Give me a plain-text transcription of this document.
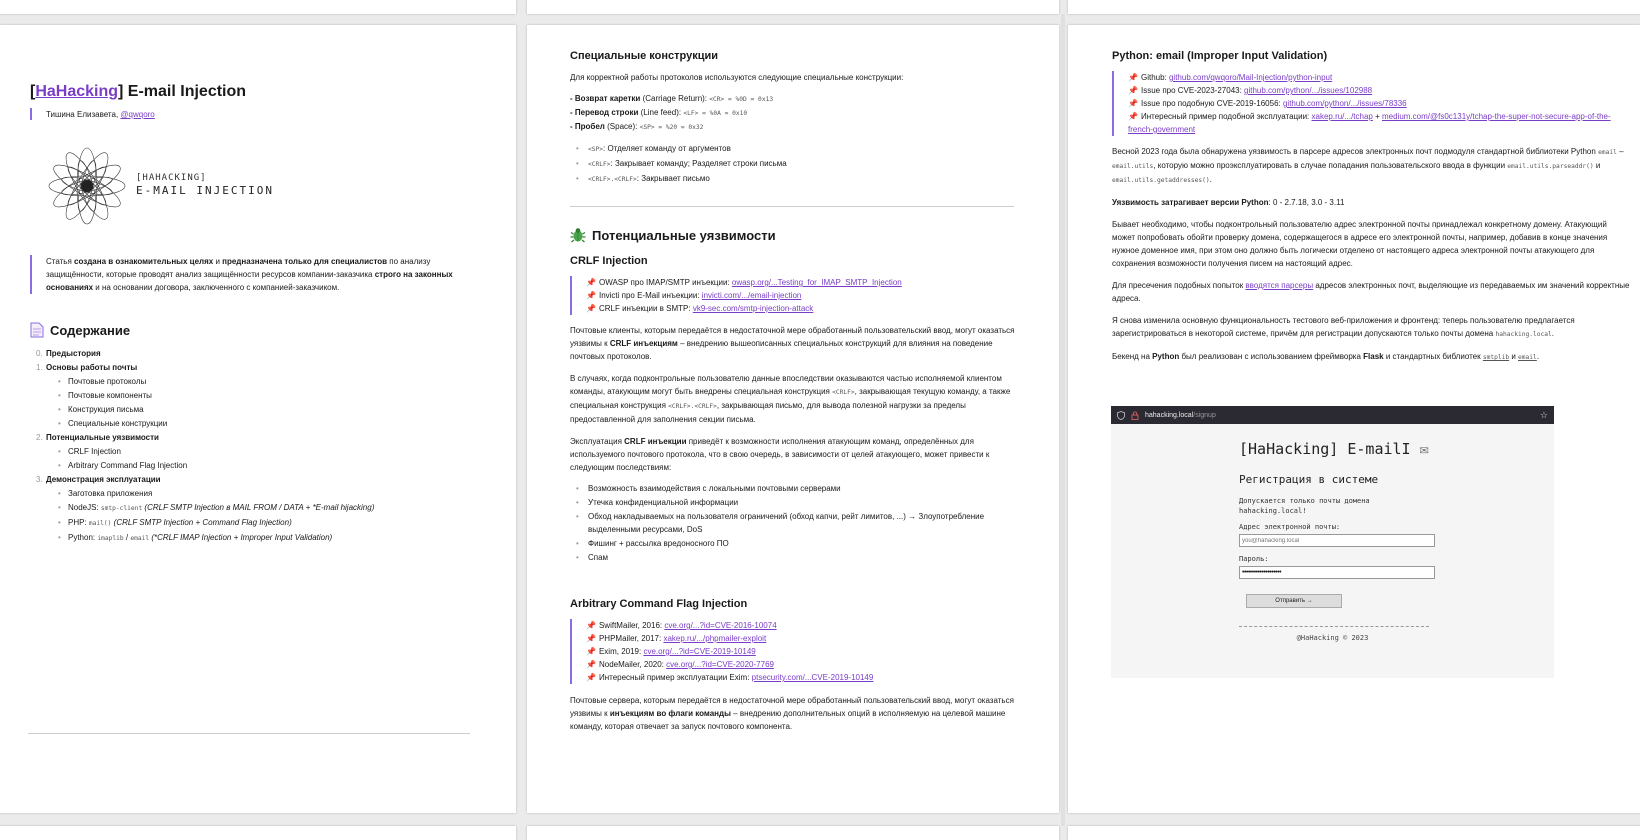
[HaHacking] E-mail Injection

Тишина Елизавета, @qwqoro

[HAHACKING]
E-MAIL INJECTION

Статья создана в ознакомительных целях и предназначена только для специалистов по анализу защищённости, которые проводят анализ защищённости ресурсов компании-заказчика строго на законных основаниях и на основании договора, заключенного с компанией-заказчиком.

Содержание
0. Предыстория
1. Основы работы почты
• Почтовые протоколы
• Почтовые компоненты
• Конструкция письма
• Специальные конструкции
2. Потенциальные уязвимости
• CRLF Injection
• Arbitrary Command Flag Injection
3. Демонстрация эксплуатации
• Заготовка приложения
• NodeJS: smtp-client (CRLF SMTP Injection в MAIL FROM / DATA + *E-mail hijacking)
• PHP: mail() (CRLF SMTP Injection + Command Flag Injection)
• Python: imaplib / email (*CRLF IMAP Injection + Improper Input Validation)
Специальные конструкции

Для корректной работы протоколов используются следующие специальные конструкции:

- Возврат каретки (Carriage Return): <CR> = %0D = 0x13

- Перевод строки (Line feed): <LF> = %0A = 0x10

- Пробел (Space): <SP> = %20 = 0x32

• <SP>: Отделяет команду от аргументов
• <CRLF>: Закрывает команду; Разделяет строки письма
• <CRLF>.<CRLF>: Закрывает письмо
Потенциальные уязвимости
CRLF Injection
📌 OWASP про IMAP/SMTP инъекции: owasp.org/...Testing_for_IMAP_SMTP_Injection
📌 Invicti про E-Mail инъекции: invicti.com/.../email-injection
📌 CRLF инъекции в SMTP: vk9-sec.com/smtp-injection-attack

Почтовые клиенты, которым передаётся в недостаточной мере обработанный пользовательский ввод, могут оказаться уязвимы к CRLF инъекциям – внедрению вышеописанных специальных конструкций для влияния на поведение почтовых протоколов.

В случаях, когда подконтрольные пользователю данные впоследствии оказываются частью исполняемой клиентом команды, атакующим могут быть внедрены специальная конструкция <CRLF>, закрывающая текущую команду, а также специальная конструкция <CRLF>.<CRLF>, закрывающая письмо, для вывода полезной нагрузки за пределы предоставленной для заполнения секции письма.

Эксплуатация CRLF инъекции приведёт к возможности исполнения атакующим команд, определённых для используемого почтового протокола, что в свою очередь, в зависимости от целей атакующего, может привести к следующим последствиям:

• Возможность взаимодействия с локальными почтовыми серверами
• Утечка конфиденциальной информации
• Обход накладываемых на пользователя ограничений (обход капчи, рейт лимитов, ...) → Злоупотребление выделенными ресурсами, DoS
• Фишинг + рассылка вредоносного ПО
• Спам
Arbitrary Command Flag Injection
📌 SwiftMailer, 2016: cve.org/...?id=CVE-2016-10074
📌 PHPMailer, 2017: xakep.ru/.../phpmailer-exploit
📌 Exim, 2019: cve.org/...?id=CVE-2019-10149
📌 NodeMailer, 2020: cve.org/...?id=CVE-2020-7769
📌 Интересный пример эксплуатации Exim: ptsecurity.com/...CVE-2019-10149

Почтовые сервера, которым передаётся в недостаточной мере обработанный пользовательский ввод, могут оказаться уязвимы к инъекциям во флаги команды – внедрению дополнительных опций в исполняемую на целевой машине команду, которая отвечает за запуск почтового компонента.

Python: email (Improper Input Validation)
📌 Github: github.com/qwqoro/Mail-Injection/python-input
📌 Issue про CVE-2023-27043: github.com/python/.../issues/102988
📌 Issue про подобную CVE-2019-16056: github.com/python/.../issues/78336
📌 Интересный пример подобной эксплуатации: xakep.ru/.../tchap + medium.com/@fs0c131y/tchap-the-super-not-secure-app-of-the-french-government

Весной 2023 года была обнаружена уязвимость в парсере адресов электронных почт подмодуля стандартной библиотеки Python email – email.utils, которую можно проэксплуатировать в случае попадания пользовательского ввода в функции email.utils.parseaddr() и email.utils.getaddresses().

Уязвимость затрагивает версии Python: 0 - 2.7.18, 3.0 - 3.11

Бывает необходимо, чтобы подконтрольный пользователю адрес электронной почты принадлежал конкретному домену. Атакующий может попробовать обойти проверку домена, содержащегося в адресе его электронной почты, например, добавив в конце значения нужное доменное имя, при этом оно должно быть логически отделено от настоящего адреса электронной почты атакующего для сохранения возможности получения писем на настоящий адрес.

Для пресечения подобных попыток вводятся парсеры адресов электронных почт, выделяющие из передаваемых им значений корректные адреса.

Я снова изменила основную функциональность тестового веб-приложения и фронтенд: теперь пользователю предлагается зарегистрироваться в некоторой системе, причём для регистрации допускаются только почты домена hahacking.local.

Бекенд на Python был реализован с использованием фреймворка Flask и стандартных библиотек smtplib и email.

hahacking.local /signup	☆
[HaHacking] E-mailI ✉
Регистрация в системе
Допускается только почты домена
hahacking.local!
Адрес электронной почты:
you@hahacking.local
Пароль:
••••••••••••••••••••
Отправить →
@HaHacking © 2023
